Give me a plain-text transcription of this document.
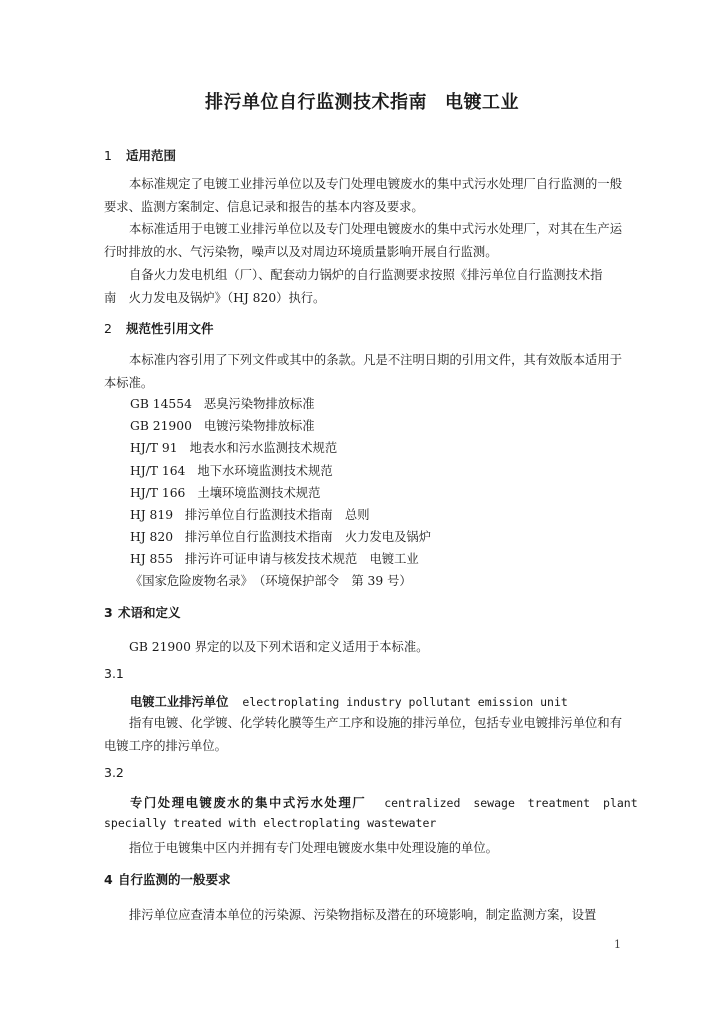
排污单位自行监测技术指南 电镀工业
1 适用范围
本标准规定了电镀工业排污单位以及专门处理电镀废水的集中式污水处理厂自行监测的一般要求、监测方案制定、信息记录和报告的基本内容及要求。
本标准适用于电镀工业排污单位以及专门处理电镀废水的集中式污水处理厂，对其在生产运行时排放的水、气污染物，噪声以及对周边环境质量影响开展自行监测。
自备火力发电机组（厂）、配套动力锅炉的自行监测要求按照《排污单位自行监测技术指
南　火力发电及锅炉》（HJ 820）执行。
2 规范性引用文件
本标准内容引用了下列文件或其中的条款。凡是不注明日期的引用文件，其有效版本适用于本标准。
GB 14554 恶臭污染物排放标准
GB 21900 电镀污染物排放标准
HJ/T 91 地表水和污水监测技术规范
HJ/T 164 地下水环境监测技术规范
HJ/T 166 土壤环境监测技术规范
HJ 819 排污单位自行监测技术指南　总则
HJ 820 排污单位自行监测技术指南　火力发电及锅炉
HJ 855 排污许可证申请与核发技术规范　电镀工业
《国家危险废物名录》　（环境保护部令　第 39 号）
3 术语和定义
GB 21900 界定的以及下列术语和定义适用于本标准。
3.1
电镀工业排污单位 electroplating industry pollutant emission unit
指有电镀、化学镀、化学转化膜等生产工序和设施的排污单位，包括专业电镀排污单位和有电镀工序的排污单位。
3.2
专门处理电镀废水的集中式污水处理厂 centralized sewage treatment plant
specially treated with electroplating wastewater
指位于电镀集中区内并拥有专门处理电镀废水集中处理设施的单位。
4 自行监测的一般要求
排污单位应查清本单位的污染源、污染物指标及潜在的环境影响，制定监测方案，设置
1
